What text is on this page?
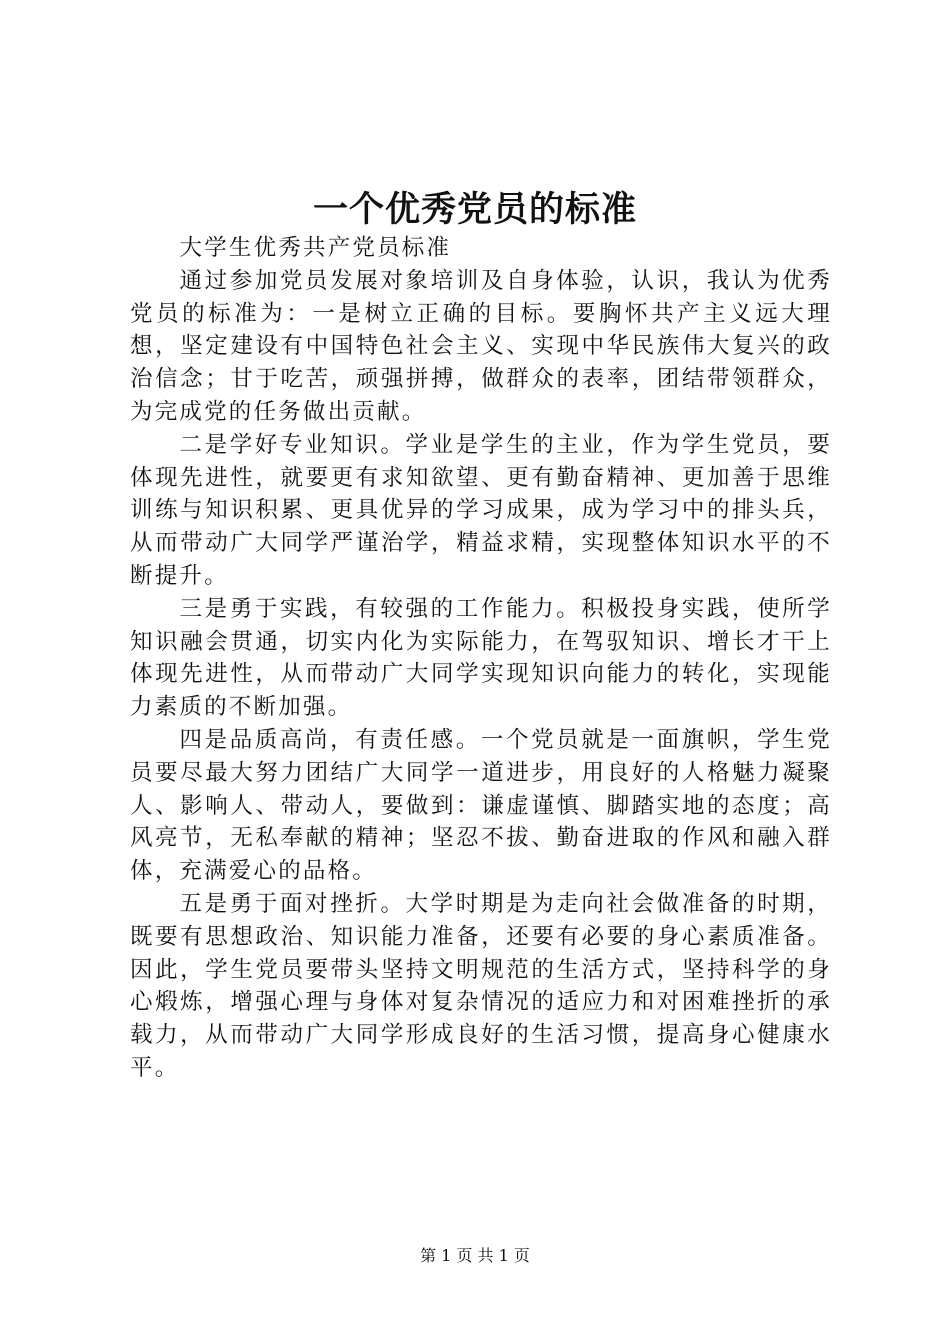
一个优秀党员的标准

大学生优秀共产党员标准

通过参加党员发展对象培训及自身体验，认识，我认为优秀党员的标准为：一是树立正确的目标。要胸怀共产主义远大理想，坚定建设有中国特色社会主义、实现中华民族伟大复兴的政治信念；甘于吃苦，顽强拼搏，做群众的表率，团结带领群众，为完成党的任务做出贡献。

二是学好专业知识。学业是学生的主业，作为学生党员，要体现先进性，就要更有求知欲望、更有勤奋精神、更加善于思维训练与知识积累、更具优异的学习成果，成为学习中的排头兵，从而带动广大同学严谨治学，精益求精，实现整体知识水平的不断提升。

三是勇于实践，有较强的工作能力。积极投身实践，使所学知识融会贯通，切实内化为实际能力，在驾驭知识、增长才干上体现先进性，从而带动广大同学实现知识向能力的转化，实现能力素质的不断加强。

四是品质高尚，有责任感。一个党员就是一面旗帜，学生党员要尽最大努力团结广大同学一道进步，用良好的人格魅力凝聚人、影响人、带动人，要做到：谦虚谨慎、脚踏实地的态度；高风亮节，无私奉献的精神；坚忍不拔、勤奋进取的作风和融入群体，充满爱心的品格。

五是勇于面对挫折。大学时期是为走向社会做准备的时期，既要有思想政治、知识能力准备，还要有必要的身心素质准备。因此，学生党员要带头坚持文明规范的生活方式，坚持科学的身心煅炼，增强心理与身体对复杂情况的适应力和对困难挫折的承载力，从而带动广大同学形成良好的生活习惯，提高身心健康水平。

第 1 页 共 1 页
